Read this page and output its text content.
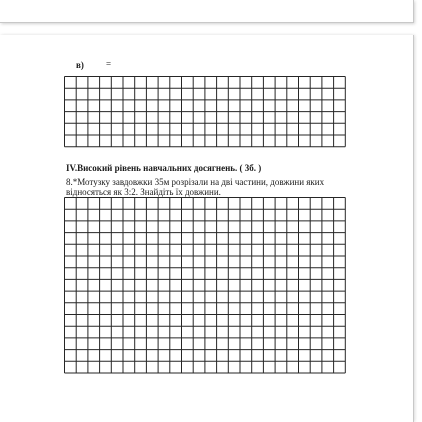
в) =
IV.Високий рівень навчальних досягнень. ( 3б. )
8.*Мотузку завдовжки 35м розрізали на дві частини, довжини яких
відносяться як 3:2. Знайдіть їх довжини.
